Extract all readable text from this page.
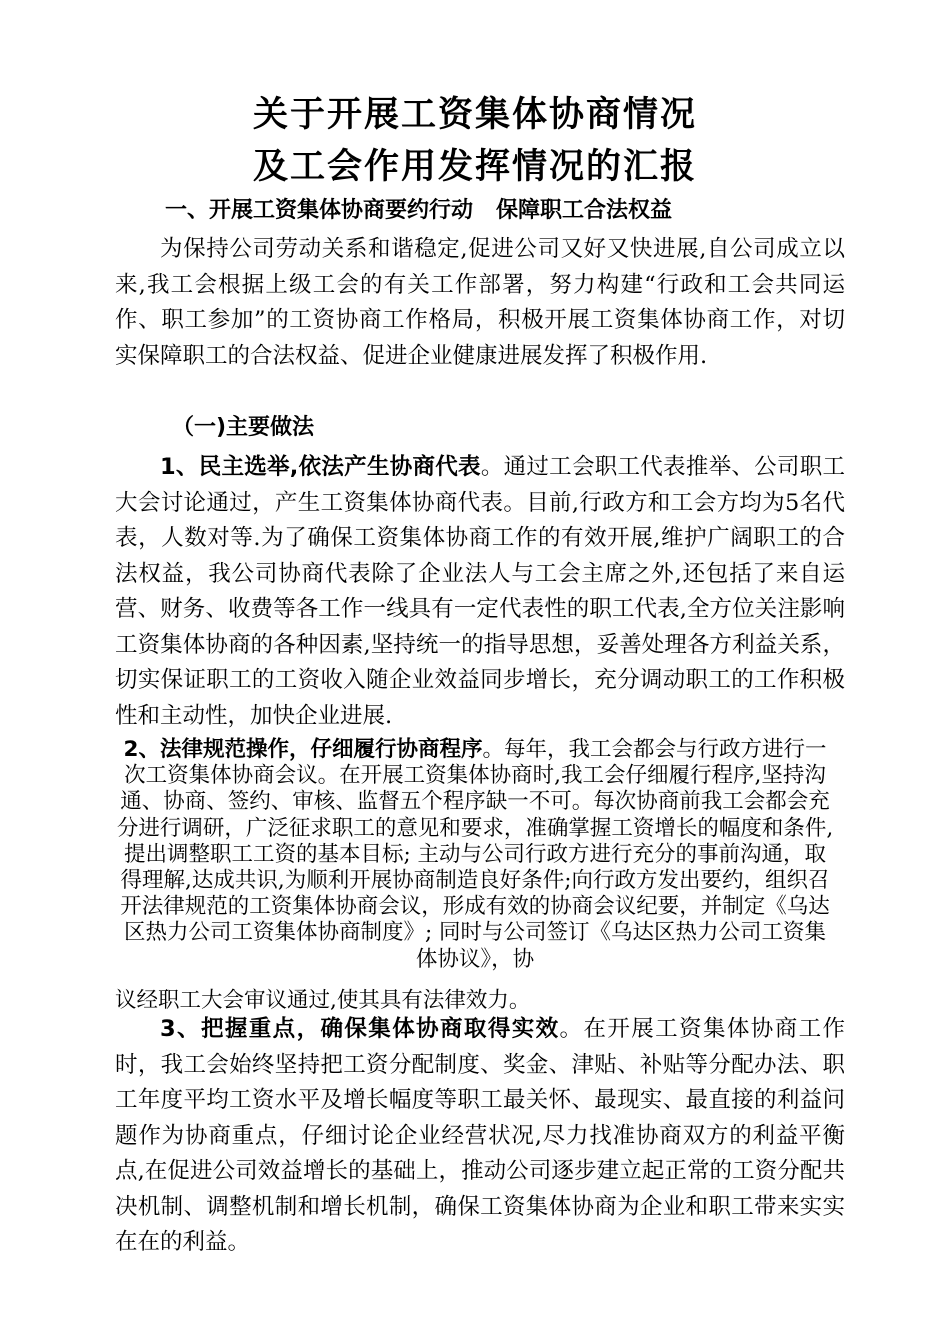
关于开展工资集体协商情况
及工会作用发挥情况的汇报
一、开展工资集体协商要约行动   保障职工合法权益
为保持公司劳动关系和谐稳定,促进公司又好又快进展,自公司成立以来,我工会根据上级工会的有关工作部署，努力构建“行政和工会共同运作、职工参加”的工资协商工作格局，积极开展工资集体协商工作，对切实保障职工的合法权益、促进企业健康进展发挥了积极作用.
（一)主要做法
1、民主选举,依法产生协商代表。通过工会职工代表推举、公司职工大会讨论通过，产生工资集体协商代表。目前,行政方和工会方均为5名代表，人数对等.为了确保工资集体协商工作的有效开展,维护广阔职工的合法权益，我公司协商代表除了企业法人与工会主席之外,还包括了来自运营、财务、收费等各工作一线具有一定代表性的职工代表,全方位关注影响工资集体协商的各种因素,坚持统一的指导思想，妥善处理各方利益关系，切实保证职工的工资收入随企业效益同步增长，充分调动职工的工作积极性和主动性，加快企业进展.
2、法律规范操作，仔细履行协商程序。每年，我工会都会与行政方进行一次工资集体协商会议。在开展工资集体协商时,我工会仔细履行程序,坚持沟通、协商、签约、审核、监督五个程序缺一不可。每次协商前我工会都会充分进行调研，广泛征求职工的意见和要求，准确掌握工资增长的幅度和条件,提出调整职工工资的基本目标; 主动与公司行政方进行充分的事前沟通，取得理解,达成共识,为顺利开展协商制造良好条件;向行政方发出要约，组织召开法律规范的工资集体协商会议，形成有效的协商会议纪要，并制定《乌达区热力公司工资集体协商制度》; 同时与公司签订《乌达区热力公司工资集体协议》，协
议经职工大会审议通过,使其具有法律效力。
3、把握重点，确保集体协商取得实效。在开展工资集体协商工作时，我工会始终坚持把工资分配制度、奖金、津贴、补贴等分配办法、职工年度平均工资水平及增长幅度等职工最关怀、最现实、最直接的利益问题作为协商重点，仔细讨论企业经营状况,尽力找准协商双方的利益平衡点,在促进公司效益增长的基础上，推动公司逐步建立起正常的工资分配共决机制、调整机制和增长机制，确保工资集体协商为企业和职工带来实实在在的利益。
